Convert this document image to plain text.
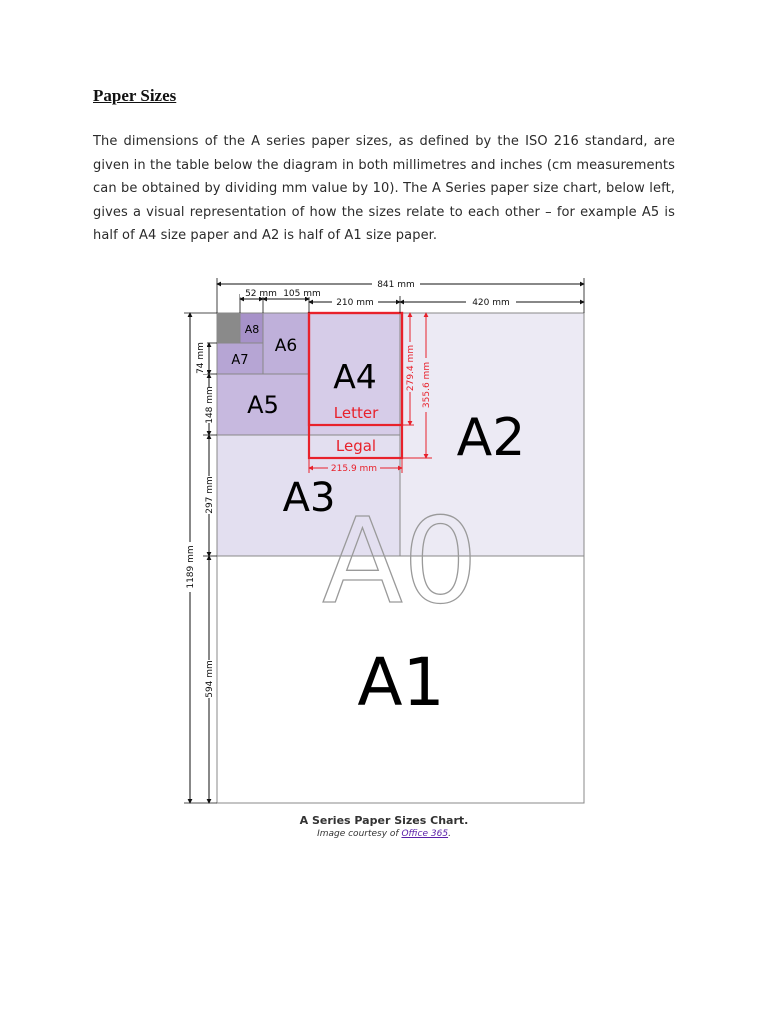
Paper Sizes
The dimensions of the A series paper sizes, as defined by the ISO 216 standard, are given in the table below the diagram in both millimetres and inches (cm measurements can be obtained by dividing mm value by 10). The A Series paper size chart, below left, gives a visual representation of how the sizes relate to each other – for example A5 is half of A4 size paper and A2 is half of A1 size paper.
A0
A1
A2
A3
A4
A5
A6
A7
A8
Letter
Legal
215.9 mm
279.4 mm 355.6 mm
841 mm
52 mm 105 mm
210 mm	420 mm
1189 mm
74 mm
148 mm
297 mm
594 mm
A Series Paper Sizes Chart.
Image courtesy of Office 365.
